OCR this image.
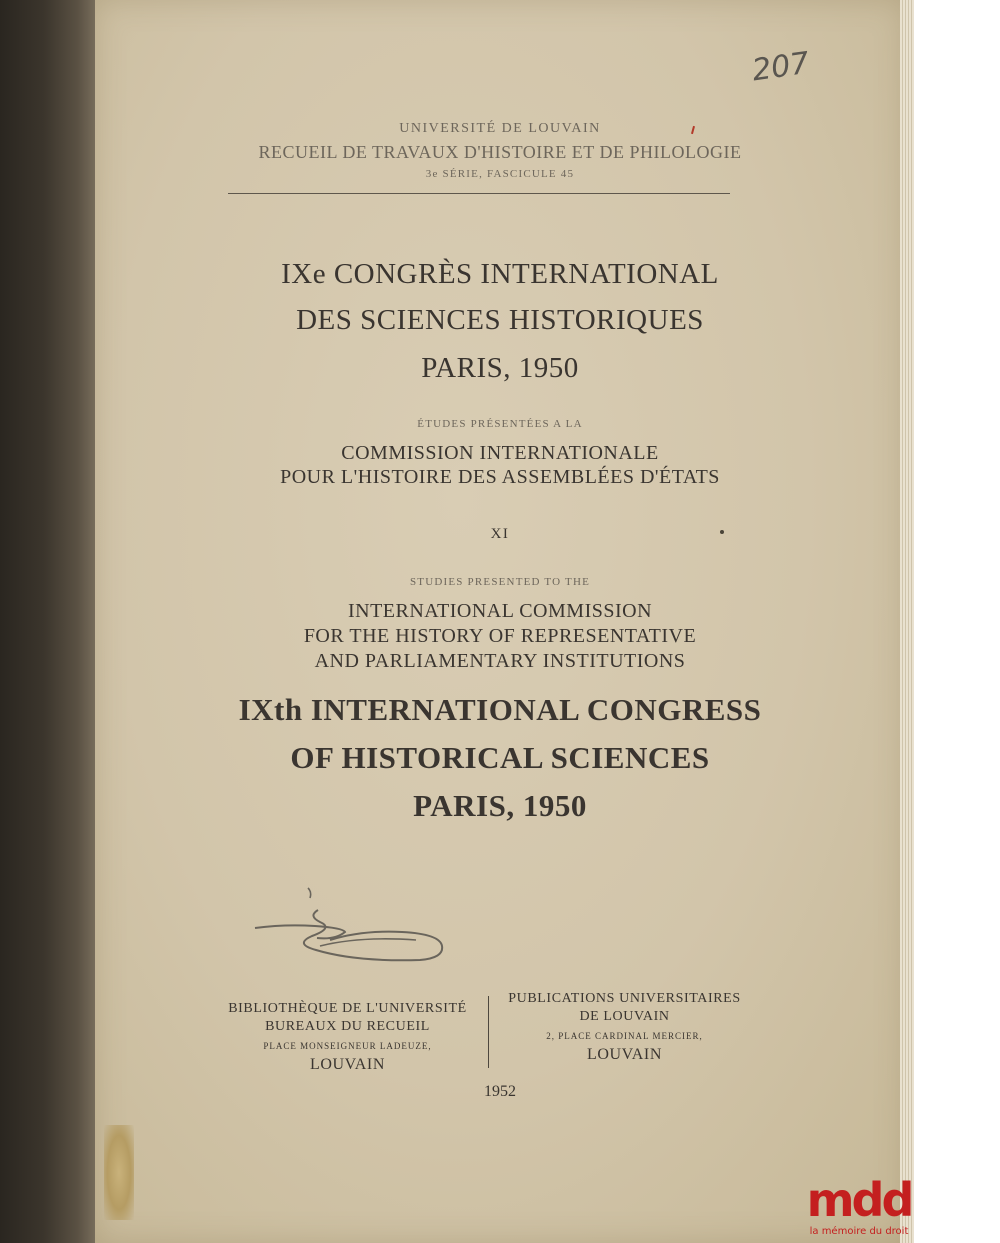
207
UNIVERSITÉ DE LOUVAIN
RECUEIL DE TRAVAUX D'HISTOIRE ET DE PHILOLOGIE
3e SÉRIE, FASCICULE 45
IXe CONGRÈS INTERNATIONAL
DES SCIENCES HISTORIQUES
PARIS, 1950
ÉTUDES PRÉSENTÉES A LA
COMMISSION INTERNATIONALE
POUR L'HISTOIRE DES ASSEMBLÉES D'ÉTATS
XI
STUDIES PRESENTED TO THE
INTERNATIONAL COMMISSION
FOR THE HISTORY OF REPRESENTATIVE
AND PARLIAMENTARY INSTITUTIONS
IXth INTERNATIONAL CONGRESS
OF HISTORICAL SCIENCES
PARIS, 1950
BIBLIOTHÈQUE DE L'UNIVERSITÉ
BUREAUX DU RECUEIL
PLACE MONSEIGNEUR LADEUZE,
LOUVAIN
PUBLICATIONS UNIVERSITAIRES
DE LOUVAIN
2, PLACE CARDINAL MERCIER,
LOUVAIN
1952
mdd
la mémoire du droit
